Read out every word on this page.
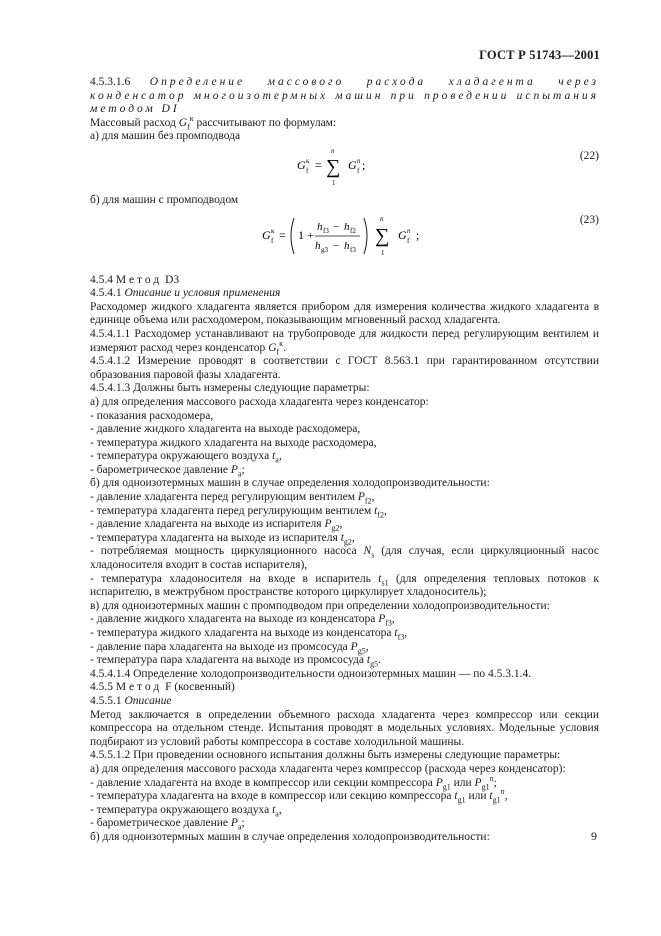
ГОСТ Р 51743—2001

4.5.3.1.6 Определение массового расхода хладагента через конденсатор многоизотермных машин при проведении испытания методом DI

Массовый расход $G_f^к$ рассчитывают по формулам:

а) для машин без промподвода

G f
к =
n
∑
1
G f
n ;
(22)

б) для машин с промподводом

G f
к = 1 +
h f3 − h f2
h g3 − h f3
n
∑
1
G f
n ;
(23)

4.5.4 Метод D3

4.5.4.1 Описание и условия применения

Расходомер жидкого хладагента является прибором для измерения количества жидкого хладагента в единице объема или расходомером, показывающим мгновенный расход хладагента.

4.5.4.1.1 Расходомер устанавливают на трубопроводе для жидкости перед регулирующим вентилем и измеряют расход через конденсатор $G_f^к$.

4.5.4.1.2 Измерение проводят в соответствии с ГОСТ 8.563.1 при гарантированном отсутствии образования паровой фазы хладагента.

4.5.4.1.3 Должны быть измерены следующие параметры:

а) для определения массового расхода хладагента через конденсатор:

- показания расходомера,

- давление жидкого хладагента на выходе расходомера,

- температура жидкого хладагента на выходе расходомера,

- температура окружающего воздуха $t_a$,

- барометрическое давление $P_a$;

б) для одноизотермных машин в случае определения холодопроизводительности:

- давление хладагента перед регулирующим вентилем $P_{f2}$,

- температура хладагента перед регулирующим вентилем $t_{f2}$,

- давление хладагента на выходе из испарителя $P_{g2}$,

- температура хладагента на выходе из испарителя $t_{g2}$,

- потребляемая мощность циркуляционного насоса $N_s$ (для случая, если циркуляционный насос хладоносителя входит в состав испарителя),

- температура хладоносителя на входе в испаритель $t_{s1}$ (для определения тепловых потоков к испарителю, в межтрубном пространстве которого циркулирует хладоноситель);

в) для одноизотермных машин с промподводом при определении холодопроизводительности:

- давление жидкого хладагента на выходе из конденсатора $P_{f3}$,

- температура жидкого хладагента на выходе из конденсатора $t_{f3}$,

- давление пара хладагента на выходе из промсосуда $P_{g5}$,

- температура пара хладагента на выходе из промсосуда $t_{g5}$.

4.5.4.1.4 Определение холодопроизводительности одноизотермных машин — по 4.5.3.1.4.

4.5.5 Метод F (косвенный)

4.5.5.1 Описание

Метод заключается в определении объемного расхода хладагента через компрессор или секции компрессора на отдельном стенде. Испытания проводят в модельных условиях. Модельные условия подбирают из условий работы компрессора в составе холодильной машины.

4.5.5.1.2 При проведении основного испытания должны быть измерены следующие параметры:

а) для определения массового расхода хладагента через компрессор (расхода через конденсатор):

- давление хладагента на входе в компрессор или секции компрессора $P_{g1}$ или $P_{g1}^n$;

- температура хладагента на входе в компрессор или секцию компрессора $t_{g1}$ или $t_{g1}^n$,

- температура окружающего воздуха $t_a$,

- барометрическое давление $P_a$;

б) для одноизотермных машин в случае определения холодопроизводительности:	9
